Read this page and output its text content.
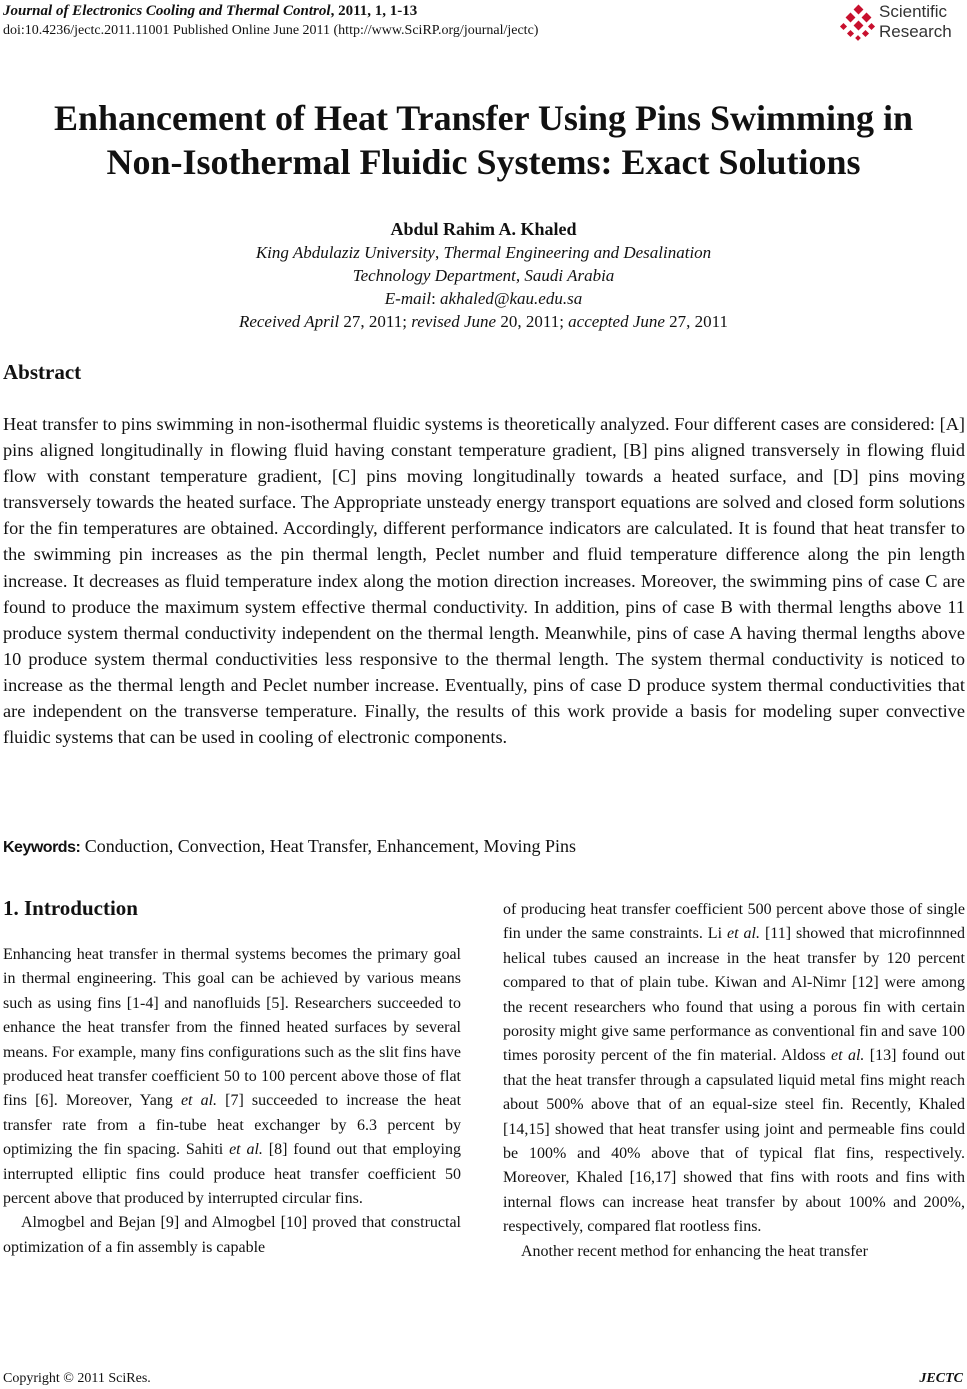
Journal of Electronics Cooling and Thermal Control, 2011, 1, 1-13
doi:10.4236/jectc.2011.11001 Published Online June 2011 (http://www.SciRP.org/journal/jectc)
Scientific
Research
Enhancement of Heat Transfer Using Pins Swimming in
Non-Isothermal Fluidic Systems: Exact Solutions
Abdul Rahim A. Khaled
King Abdulaziz University, Thermal Engineering and Desalination
Technology Department, Saudi Arabia
E-mail: akhaled@kau.edu.sa
Received April 27, 2011; revised June 20, 2011; accepted June 27, 2011
Abstract
Heat transfer to pins swimming in non-isothermal fluidic systems is theoretically analyzed. Four different cases are considered: [A] pins aligned longitudinally in flowing fluid having constant temperature gradient, [B] pins aligned transversely in flowing fluid flow with constant temperature gradient, [C] pins moving longitudinally towards a heated surface, and [D] pins moving transversely towards the heated surface. The Appropriate unsteady energy transport equations are solved and closed form solutions for the fin temperatures are obtained. Accordingly, different performance indicators are calculated. It is found that heat transfer to the swimming pin increases as the pin thermal length, Peclet number and fluid temperature difference along the pin length increase. It decreases as fluid temperature index along the motion direction increases. Moreover, the swimming pins of case C are found to produce the maximum system effective thermal conductivity. In addition, pins of case B with thermal lengths above 11 produce system thermal conductivity independent on the thermal length. Meanwhile, pins of case A having thermal lengths above 10 produce system thermal conductivities less responsive to the thermal length. The system thermal conductivity is noticed to increase as the thermal length and Peclet number increase. Eventually, pins of case D produce system thermal conductivities that are independent on the transverse temperature. Finally, the results of this work provide a basis for modeling super convective fluidic systems that can be used in cooling of electronic components.
Keywords: Conduction, Convection, Heat Transfer, Enhancement, Moving Pins
1. Introduction

Enhancing heat transfer in thermal systems becomes the primary goal in thermal engineering. This goal can be achieved by various means such as using fins [1-4] and nanofluids [5]. Researchers succeeded to enhance the heat transfer from the finned heated surfaces by several means. For example, many fins configurations such as the slit fins have produced heat transfer coefficient 50 to 100 percent above those of flat fins [6]. Moreover, Yang et al. [7] succeeded to increase the heat transfer rate from a fin-tube heat exchanger by 6.3 percent by optimizing the fin spacing. Sahiti et al. [8] found out that employing interrupted elliptic fins could produce heat transfer coefficient 50 percent above that produced by interrupted circular fins.

Almogbel and Bejan [9] and Almogbel [10] proved that constructal optimization of a fin assembly is capable

of producing heat transfer coefficient 500 percent above those of single fin under the same constraints. Li et al. [11] showed that microfinnned helical tubes caused an increase in the heat transfer by 120 percent compared to that of plain tube. Kiwan and Al-Nimr [12] were among the recent researchers who found that using a porous fin with certain porosity might give same performance as conventional fin and save 100 times porosity percent of the fin material. Aldoss et al. [13] found out that the heat transfer through a capsulated liquid metal fins might reach about 500% above that of an equal-size steel fin. Recently, Khaled [14,15] showed that heat transfer using joint and permeable fins could be 100% and 40% above that of typical flat fins, respectively. Moreover, Khaled [16,17] showed that fins with roots and fins with internal flows can increase heat transfer by about 100% and 200%, respectively, compared flat rootless fins.

Another recent method for enhancing the heat transfer

Copyright © 2011 SciRes.	JECTC
